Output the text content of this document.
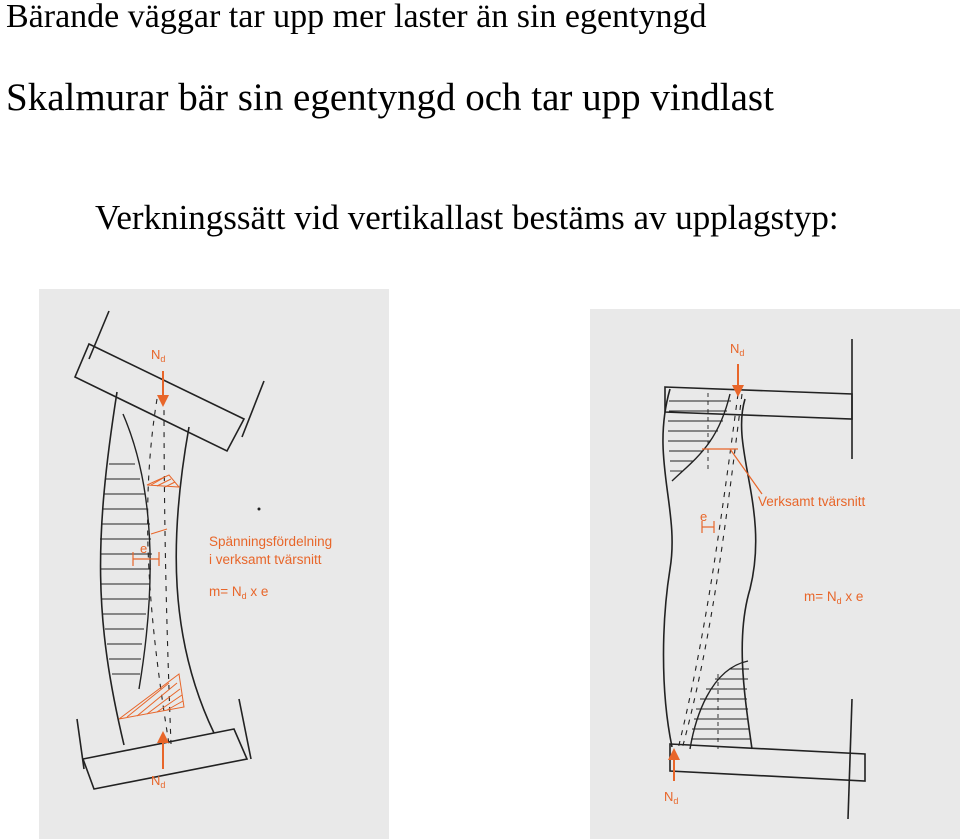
Bärande väggar tar upp mer laster än sin egentyngd
Skalmurar bär sin egentyngd och tar upp vindlast
Verkningssätt vid vertikallast bestäms av upplagstyp:
$N_d$
$N_d$
e	Spänningsfördelning
i verksamt tvärsnitt
$m= N_d$ x e
$N_d$
$N_d$
e
Verksamt tvärsnitt
$m= N_d$ x e
